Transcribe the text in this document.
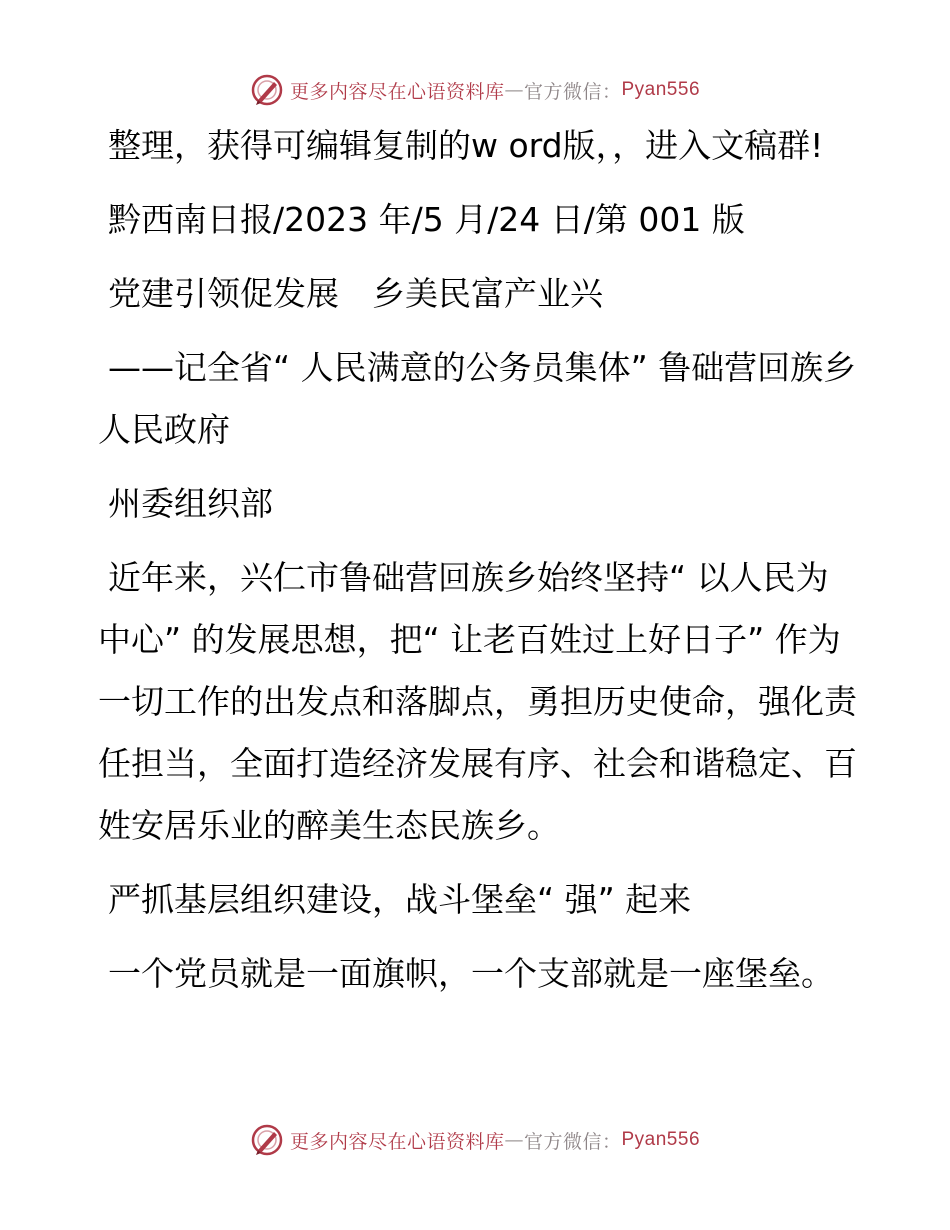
更多内容尽在心语资料库 — 官方微信： Pyan556

整理，获得可编辑复制的w ord版，，进入文稿群!

黔西南日报/2023 年/5 月/24 日/第 001 版

党建引领促发展　乡美民富产业兴

——记全省“ 人民满意的公务员集体” 鲁础营回族乡人民政府

州委组织部

近年来，兴仁市鲁础营回族乡始终坚持“ 以人民为中心” 的发展思想，把“ 让老百姓过上好日子” 作为一切工作的出发点和落脚点，勇担历史使命，强化责任担当，全面打造经济发展有序、社会和谐稳定、百姓安居乐业的醉美生态民族乡。

严抓基层组织建设，战斗堡垒“ 强” 起来

一个党员就是一面旗帜，一个支部就是一座堡垒。

更多内容尽在心语资料库 — 官方微信： Pyan556
